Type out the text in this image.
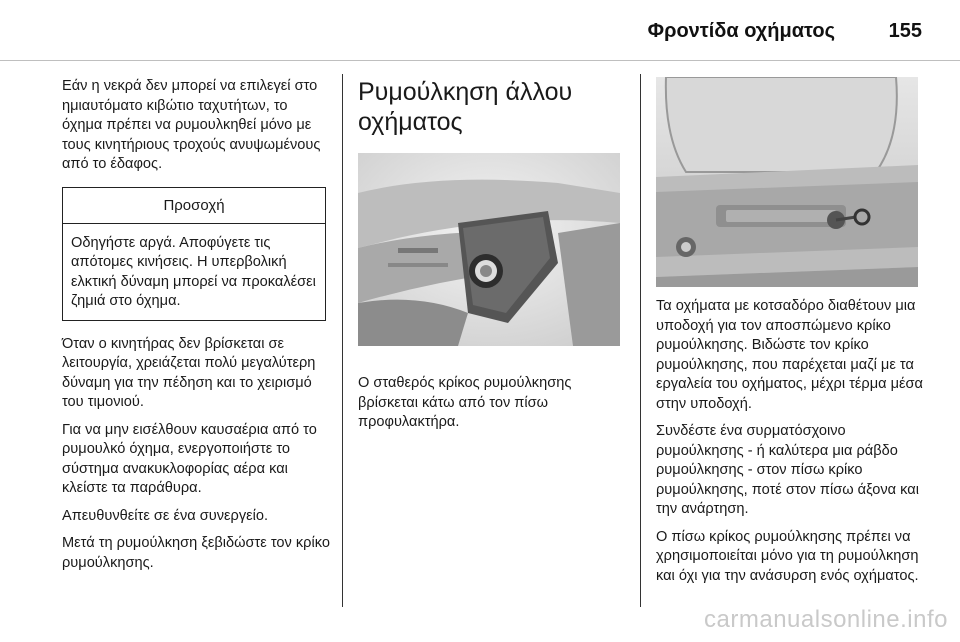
Φροντίδα οχήματος	155

Εάν η νεκρά δεν μπορεί να επιλεγεί στο ημιαυτόματο κιβώτιο ταχυτήτων, το όχημα πρέπει να ρυμουλκηθεί μόνο με τους κινητήριους τροχούς ανυψωμένους από το έδαφος.

Προσοχή
Οδηγήστε αργά. Αποφύγετε τις απότομες κινήσεις. Η υπερβολική ελκτική δύναμη μπορεί να προκαλέσει ζημιά στο όχημα.

Όταν ο κινητήρας δεν βρίσκεται σε λειτουργία, χρειάζεται πολύ μεγαλύτερη δύναμη για την πέδηση και το χειρισμό του τιμονιού.

Για να μην εισέλθουν καυσαέρια από το ρυμουλκό όχημα, ενεργοποιήστε το σύστημα ανακυκλοφορίας αέρα και κλείστε τα παράθυρα.

Απευθυνθείτε σε ένα συνεργείο.

Μετά τη ρυμούλκηση ξεβιδώστε τον κρίκο ρυμούλκησης.

Ρυμούλκηση άλλου οχήματος

Ο σταθερός κρίκος ρυμούλκησης βρίσκεται κάτω από τον πίσω προφυλακτήρα.

Τα οχήματα με κοτσαδόρο διαθέτουν μια υποδοχή για τον αποσπώμενο κρίκο ρυμούλκησης. Βιδώστε τον κρίκο ρυμούλκησης, που παρέχεται μαζί με τα εργαλεία του οχήματος, μέχρι τέρμα μέσα στην υποδοχή.

Συνδέστε ένα συρματόσχοινο ρυμούλκησης - ή καλύτερα μια ράβδο ρυμούλκησης - στον πίσω κρίκο ρυμούλκησης, ποτέ στον πίσω άξονα και την ανάρτηση.

Ο πίσω κρίκος ρυμούλκησης πρέπει να χρησιμοποιείται μόνο για τη ρυμούλκηση και όχι για την ανάσυρση ενός οχήματος.

carmanualsonline.info
